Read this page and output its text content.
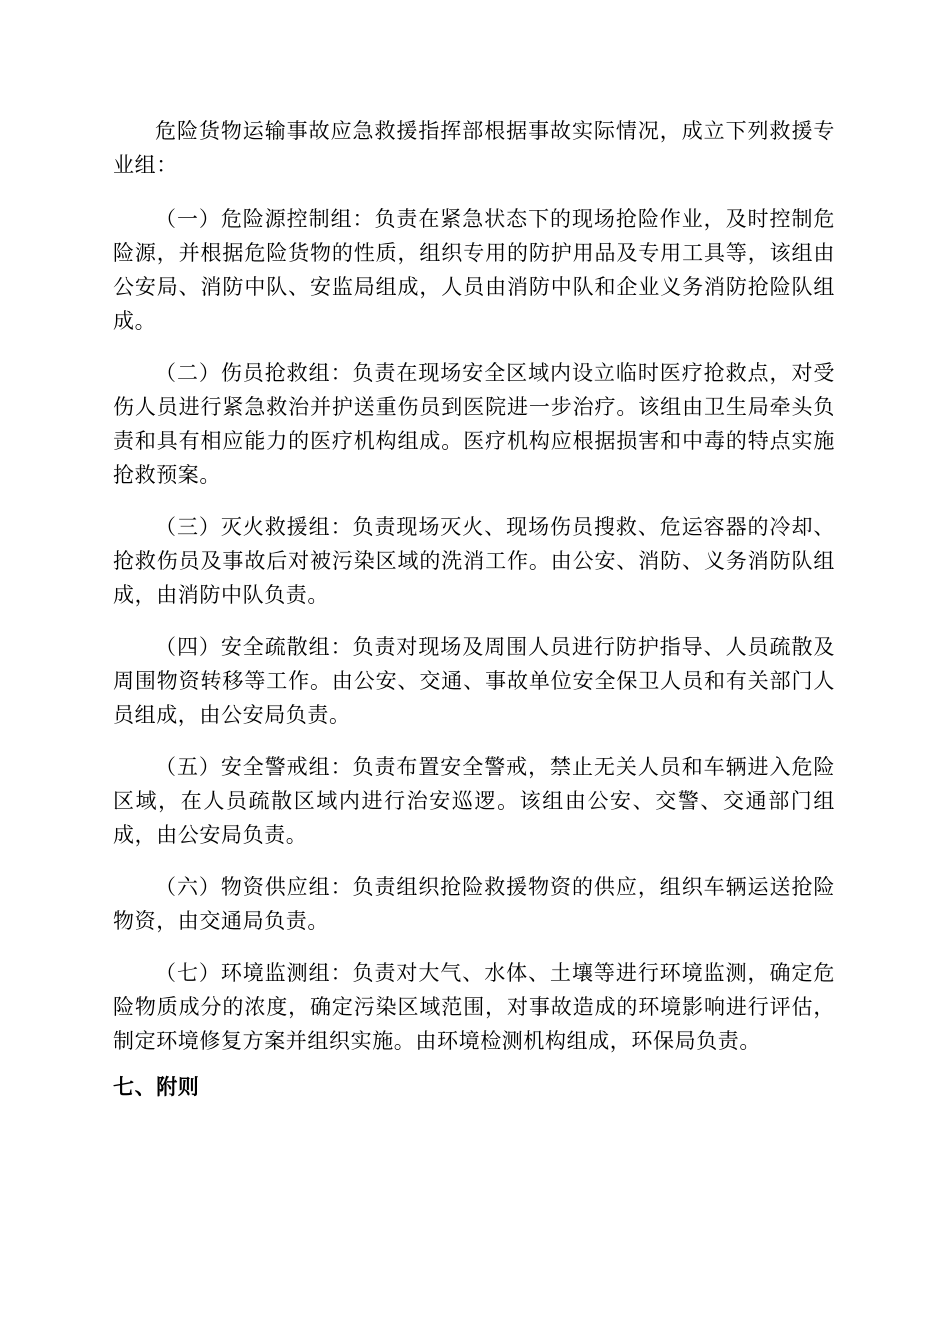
危险货物运输事故应急救援指挥部根据事故实际情况，成立下列救援专业组：

（一）危险源控制组：负责在紧急状态下的现场抢险作业，及时控制危险源，并根据危险货物的性质，组织专用的防护用品及专用工具等，该组由公安局、消防中队、安监局组成，人员由消防中队和企业义务消防抢险队组成。

（二）伤员抢救组：负责在现场安全区域内设立临时医疗抢救点，对受伤人员进行紧急救治并护送重伤员到医院进一步治疗。该组由卫生局牵头负责和具有相应能力的医疗机构组成。医疗机构应根据损害和中毒的特点实施抢救预案。

（三）灭火救援组：负责现场灭火、现场伤员搜救、危运容器的冷却、抢救伤员及事故后对被污染区域的洗消工作。由公安、消防、义务消防队组成，由消防中队负责。

（四）安全疏散组：负责对现场及周围人员进行防护指导、人员疏散及周围物资转移等工作。由公安、交通、事故单位安全保卫人员和有关部门人员组成，由公安局负责。

（五）安全警戒组：负责布置安全警戒，禁止无关人员和车辆进入危险区域，在人员疏散区域内进行治安巡逻。该组由公安、交警、交通部门组成，由公安局负责。

（六）物资供应组：负责组织抢险救援物资的供应，组织车辆运送抢险物资，由交通局负责。

（七）环境监测组：负责对大气、水体、土壤等进行环境监测，确定危险物质成分的浓度，确定污染区域范围，对事故造成的环境影响进行评估，制定环境修复方案并组织实施。由环境检测机构组成，环保局负责。

七、附则
